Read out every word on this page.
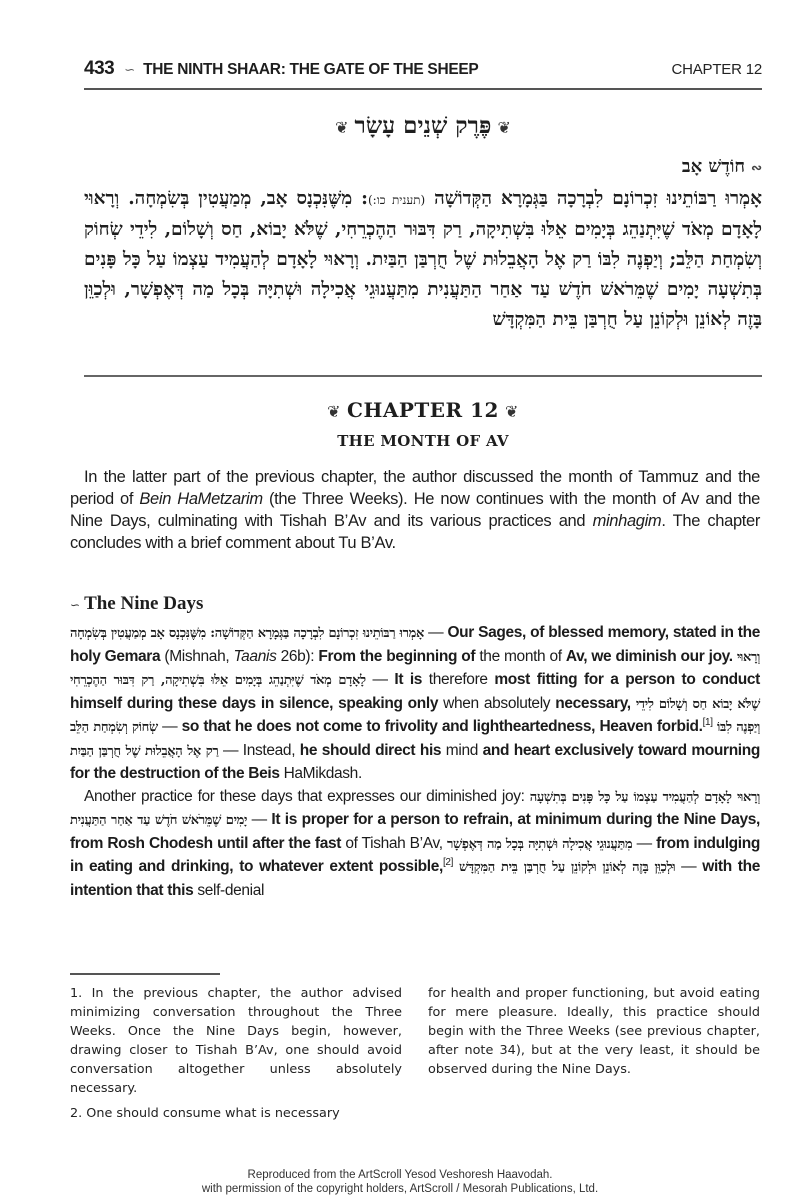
433 ∽ THE NINTH SHAAR: THE GATE OF THE SHEEP	CHAPTER 12
❦פֶּרֶק שְׁנֵים עָשָׂר❦
∾חוֹדֶשׁ אָב
אָמְרוּ רַבּוֹתֵינוּ זִכְרוֹנָם לִבְרָכָה בַּגְּמָרָא הַקְּדוֹשָׁה (תענית כו:): מִשֶּׁנִּכְנָס אָב, מְמַעֲטִין בְּשִׂמְחָה. וְרָאוּי לָאָדָם מְאֹד שֶׁיִּתְנַהֵג בְּיָמִים אֵלּוּ בִּשְׁתִיקָה, רַק דִּבּוּר הַהֶכְרֵחִי, שֶׁלֹּא יָבוֹא, חַס וְשָׁלוֹם, לִידֵי שְׂחוֹק וְשִׂמְחַת הַלֵּב; וְיַפְנֶה לִבּוֹ רַק אֶל הָאֲבֵלוּת שֶׁל חֻרְבַּן הַבַּיִת. וְרָאוּי לָאָדָם לְהַעֲמִיד עַצְמוֹ עַל כָּל פָּנִים בְּתִשְׁעָה יָמִים שֶׁמֵּרֹאשׁ חֹדֶשׁ עַד אַחַר הַתַּעֲנִית מִתַּעֲנוּגֵי אֲכִילָה וּשְׁתִיָּה בְּכָל מַה דְּאֶפְשָׁר, וּלְכַוֵּן בָּזֶה לְאוֹנֵן וּלְקוֹנֵן עַל חֻרְבַּן בֵּית הַמִּקְדָּשׁ
❦ CHAPTER 12 ❦
THE MONTH OF AV
In the latter part of the previous chapter, the author discussed the month of Tammuz and the period of Bein HaMetzarim (the Three Weeks). He now continues with the month of Av and the Nine Days, culminating with Tishah B’Av and its various practices and minhagim. The chapter concludes with a brief comment about Tu B’Av.
∽ The Nine Days

אָמְרוּ רַבּוֹתֵינוּ זִכְרוֹנָם לִבְרָכָה בַּגְּמָרָא הַקְּדוֹשָׁה: מִשֶּׁנִּכְנָס אָב מְמַעֲטִין בְּשִׂמְחָה — Our Sages, of blessed memory, stated in the holy Gemara (Mishnah, Taanis 26b): From the beginning of the month of Av, we diminish our joy. וְרָאוּי לָאָדָם מְאֹד שֶׁיִּתְנַהֵג בְּיָמִים אֵלּוּ בִּשְׁתִיקָה, רַק דִּבּוּר הַהֶכְרֵחִי — It is therefore most fitting for a person to conduct himself during these days in silence, speaking only when absolutely necessary, שֶׁלֹּא יָבוֹא חַס וְשָׁלוֹם לִידֵי שְׂחוֹק וְשִׂמְחַת הַלֵּב — so that he does not come to frivolity and lightheartedness, Heaven forbid.[1] וְיַפְנֶה לִבּוֹ רַק אֶל הָאֲבֵלוּת שֶׁל חֻרְבַּן הַבַּיִת — Instead, he should direct his mind and heart exclusively toward mourning for the destruction of the Beis HaMikdash.

Another practice for these days that expresses our diminished joy: וְרָאוּי לָאָדָם לְהַעֲמִיד עַצְמוֹ עַל כָּל פָּנִים בְּתִשְׁעָה יָמִים שֶׁמֵּרֹאשׁ חֹדֶשׁ עַד אַחַר הַתַּעֲנִית — It is proper for a person to refrain, at minimum during the Nine Days, from Rosh Chodesh until after the fast of Tishah B’Av, מִתַּעֲנוּגֵי אֲכִילָה וּשְׁתִיָּה בְּכָל מַה דְּאֶפְשָׁר — from indulging in eating and drinking, to whatever extent possible,[2] וּלְכַוֵּן בָּזֶה לְאוֹנֵן וּלְקוֹנֵן עַל חֻרְבַּן בֵּית הַמִּקְדָּשׁ — with the intention that this self-denial

1. In the previous chapter, the author advised minimizing conversation throughout the Three Weeks. Once the Nine Days begin, however, drawing closer to Tishah B’Av, one should avoid conversation altogether unless absolutely necessary.

2. One should consume what is necessary

for health and proper functioning, but avoid eating for mere pleasure. Ideally, this practice should begin with the Three Weeks (see previous chapter, after note 34), but at the very least, it should be observed during the Nine Days.

Reproduced from the ArtScroll Yesod Veshoresh Haavodah.
with permission of the copyright holders, ArtScroll / Mesorah Publications, Ltd.
